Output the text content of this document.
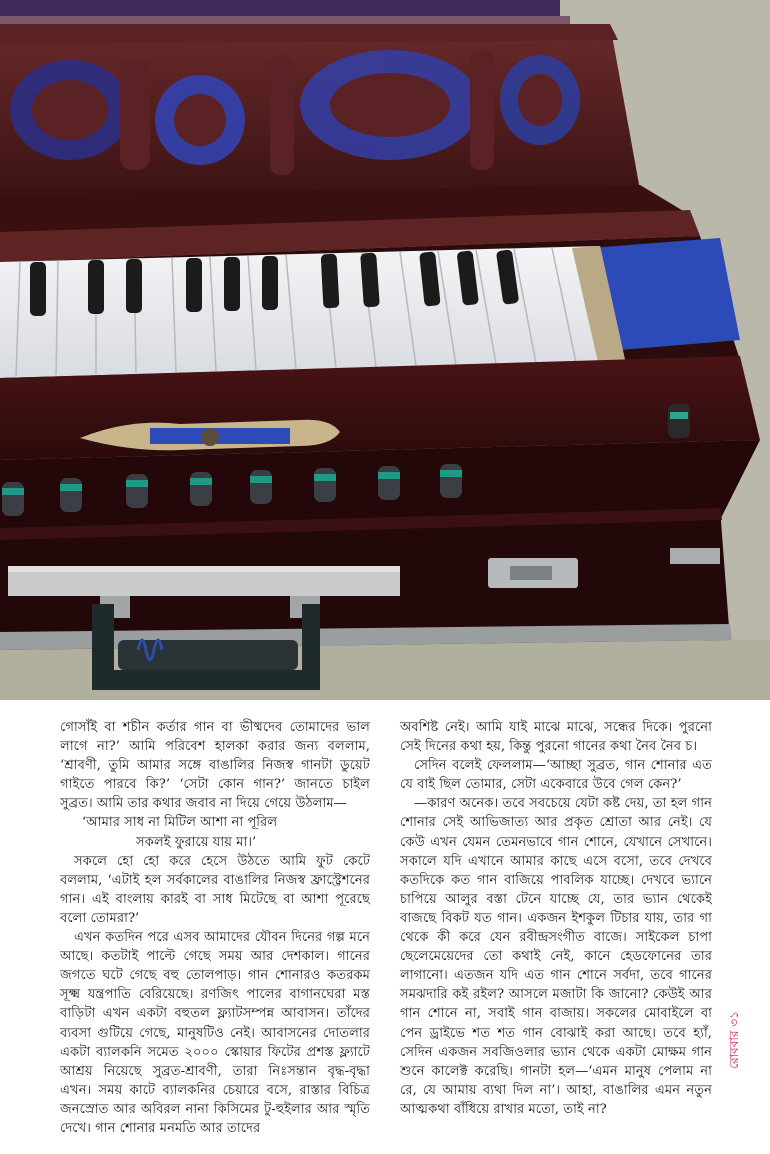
গোসাঁই বা শচীন কর্তার গান বা ভীষ্মদেব তোমাদের ভাল লাগে না?’ আমি পরিবেশ হালকা করার জন্য বললাম, ‘শ্রাবণী, তুমি আমার সঙ্গে বাঙালির নিজস্ব গানটা ডুয়েট গাইতে পারবে কি?’ ‘সেটা কোন গান?’ জানতে চাইল সুব্রত। আমি তার কথার জবাব না দিয়ে গেয়ে উঠলাম—

‘আমার সাধ না মিটিল আশা না পূরিল

সকলই ফুরায়ে যায় মা।’

সকলে হো হো করে হেসে উঠতে আমি ফুট কেটে বললাম, ‘এটাই হল সর্বকালের বাঙালির নিজস্ব ফ্রাস্ট্রেশনের গান। এই বাংলায় কারই বা সাধ মিটেছে বা আশা পূরেছে বলো তোমরা?’

এখন কতদিন পরে এসব আমাদের যৌবন দিনের গল্প মনে আছে। কতটাই পাল্টে গেছে সময় আর দেশকাল। গানের জগতে ঘটে গেছে বহু তোলপাড়। গান শোনারও কতরকম সূক্ষ্ম যন্ত্রপাতি বেরিয়েছে। রণজিৎ পালের বাগানঘেরা মস্ত বাড়িটা এখন একটা বহুতল ফ্ল্যাটসম্পন্ন আবাসন। তাঁদের ব্যবসা গুটিয়ে গেছে, মানুষটিও নেই। আবাসনের দোতলার একটা ব্যালকনি সমেত ২০০০ স্কোয়ার ফিটের প্রশস্ত ফ্ল্যাটে আশ্রয় নিয়েছে সুব্রত-শ্রাবণী, তারা নিঃসন্তান বৃদ্ধ-বৃদ্ধা এখন। সময় কাটে ব্যালকনির চেয়ারে বসে, রাস্তার বিচিত্র জনস্রোত আর অবিরল নানা কিসিমের টু-হুইলার আর স্মৃতি দেখে। গান শোনার মনমতি আর তাদের

অবশিষ্ট নেই। আমি যাই মাঝে মাঝে, সন্ধের দিকে। পুরনো সেই দিনের কথা হয়, কিন্তু পুরনো গানের কথা নৈব নৈব চ।

সেদিন বলেই ফেললাম—‘আচ্ছা সুব্রত, গান শোনার এত যে বাই ছিল তোমার, সেটা একেবারে উবে গেল কেন?’

—কারণ অনেক। তবে সবচেয়ে যেটা কষ্ট দেয়, তা হল গান শোনার সেই আভিজাত্য আর প্রকৃত শ্রোতা আর নেই। যে কেউ এখন যেমন তেমনভাবে গান শোনে, যেখানে সেখানে। সকালে যদি এখানে আমার কাছে এসে বসো, তবে দেখবে কতদিকে কত গান বাজিয়ে পাবলিক যাচ্ছে। দেখবে ভ্যানে চাপিয়ে আলুর বস্তা টেনে যাচ্ছে যে, তার ভ্যান থেকেই বাজছে বিকট যত গান। একজন ইশকুল টিচার যায়, তার গা থেকে কী করে যেন রবীন্দ্রসংগীত বাজে। সাইকেল চাপা ছেলেমেয়েদের তো কথাই নেই, কানে হেডফোনের তার লাগানো। এতজন যদি এত গান শোনে সর্বদা, তবে গানের সমঝদারি কই রইল? আসলে মজাটা কি জানো? কেউই আর গান শোনে না, সবাই গান বাজায়। সকলের মোবাইলে বা পেন ড্রাইভে শত শত গান বোঝাই করা আছে। তবে হ্যাঁ, সেদিন একজন সবজিওলার ভ্যান থেকে একটা মোক্ষম গান শুনে কালেক্ট করেছি। গানটা হল—‘এমন মানুষ পেলাম না রে, যে আমায় ব্যথা দিল না’। আহা, বাঙালির এমন নতুন আত্মকথা বাঁধিয়ে রাখার মতো, তাই না?

রোববার ৩১
